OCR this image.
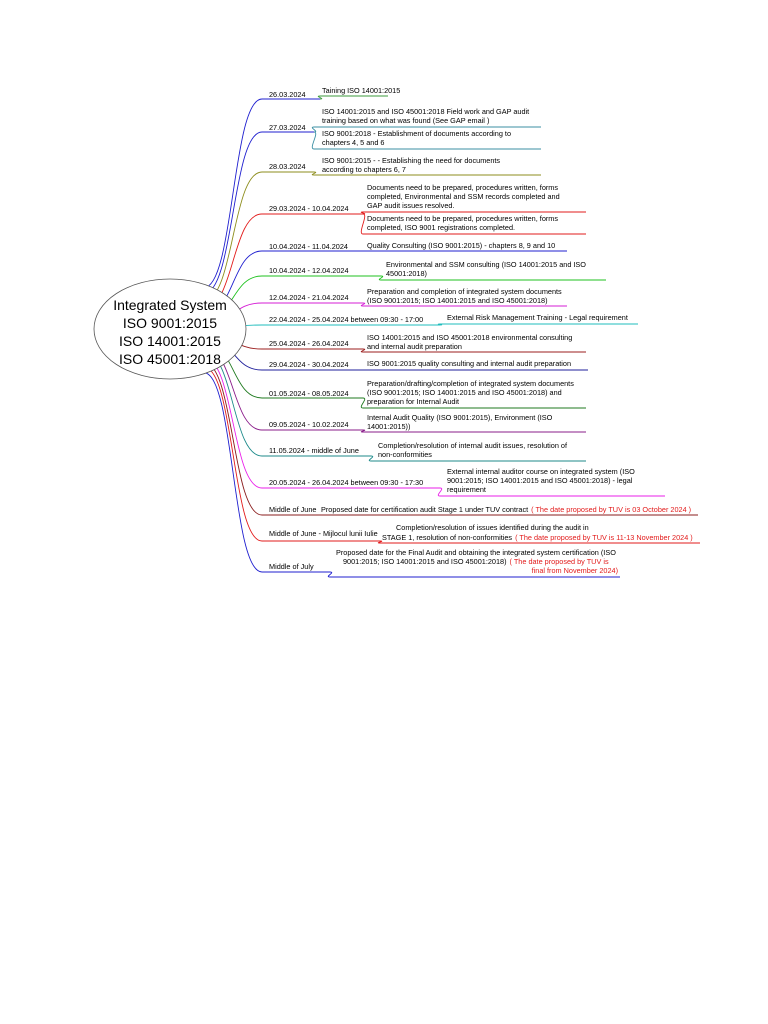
Integrated System
ISO 9001:2015
ISO 14001:2015
ISO 45001:2018
26.03.2024 Taining ISO 14001:2015
27.03.2024
ISO 14001:2015 and ISO 45001:2018 Field work and GAP audit
training based on what was found (See GAP email )
ISO 9001:2018 - Establishment of documents according to
chapters 4, 5 and 6
28.03.2024
ISO 9001:2015 - - Establishing the need for documents
according to chapters 6, 7
29.03.2024 - 10.04.2024
Documents need to be prepared, procedures written, forms
completed, Environmental and SSM records completed and
GAP audit issues resolved.
Documents need to be prepared, procedures written, forms
completed, ISO 9001 registrations completed.
10.04.2024 - 11.04.2024	Quality Consulting (ISO 9001:2015) - chapters 8, 9 and 10
10.04.2024 - 12.04.2024
Environmental and SSM consulting (ISO 14001:2015 and ISO
45001:2018)
12.04.2024 - 21.04.2024
Preparation and completion of integrated system documents
(ISO 9001:2015; ISO 14001:2015 and ISO 45001:2018)
22.04.2024 - 25.04.2024 between 09:30 - 17:00	External Risk Management Training - Legal requirement
25.04.2024 - 26.04.2024
ISO 14001:2015 and ISO 45001:2018 environmental consulting
and internal audit preparation
29.04.2024 - 30.04.2024	ISO 9001:2015 quality consulting and internal audit preparation
01.05.2024 - 08.05.2024
Preparation/drafting/completion of integrated system documents
(ISO 9001:2015; ISO 14001:2015 and ISO 45001:2018) and
preparation for Internal Audit
09.05.2024 - 10.02.2024
Internal Audit Quality (ISO 9001:2015), Environment (ISO
14001:2015))
11.05.2024 - middle of June
Completion/resolution of internal audit issues, resolution of
non-conformities
20.05.2024 - 26.04.2024 between 09:30 - 17:30
External internal auditor course on integrated system (ISO
9001:2015; ISO 14001:2015 and ISO 45001:2018) - legal
requirement
Middle of June Proposed date for certification audit Stage 1 under TUV contract ( The date proposed by TUV is 03 October 2024 )
Middle of June - Mijlocul lunii Iulie
Completion/resolution of issues identified during the audit in
STAGE 1, resolution of non-conformities ( The date proposed by TUV is 11-13 November 2024 )
Middle of July
Proposed date for the Final Audit and obtaining the integrated system certification (ISO
9001:2015; ISO 14001:2015 and ISO 45001:2018) ( The date proposed by TUV is
final from November 2024)
